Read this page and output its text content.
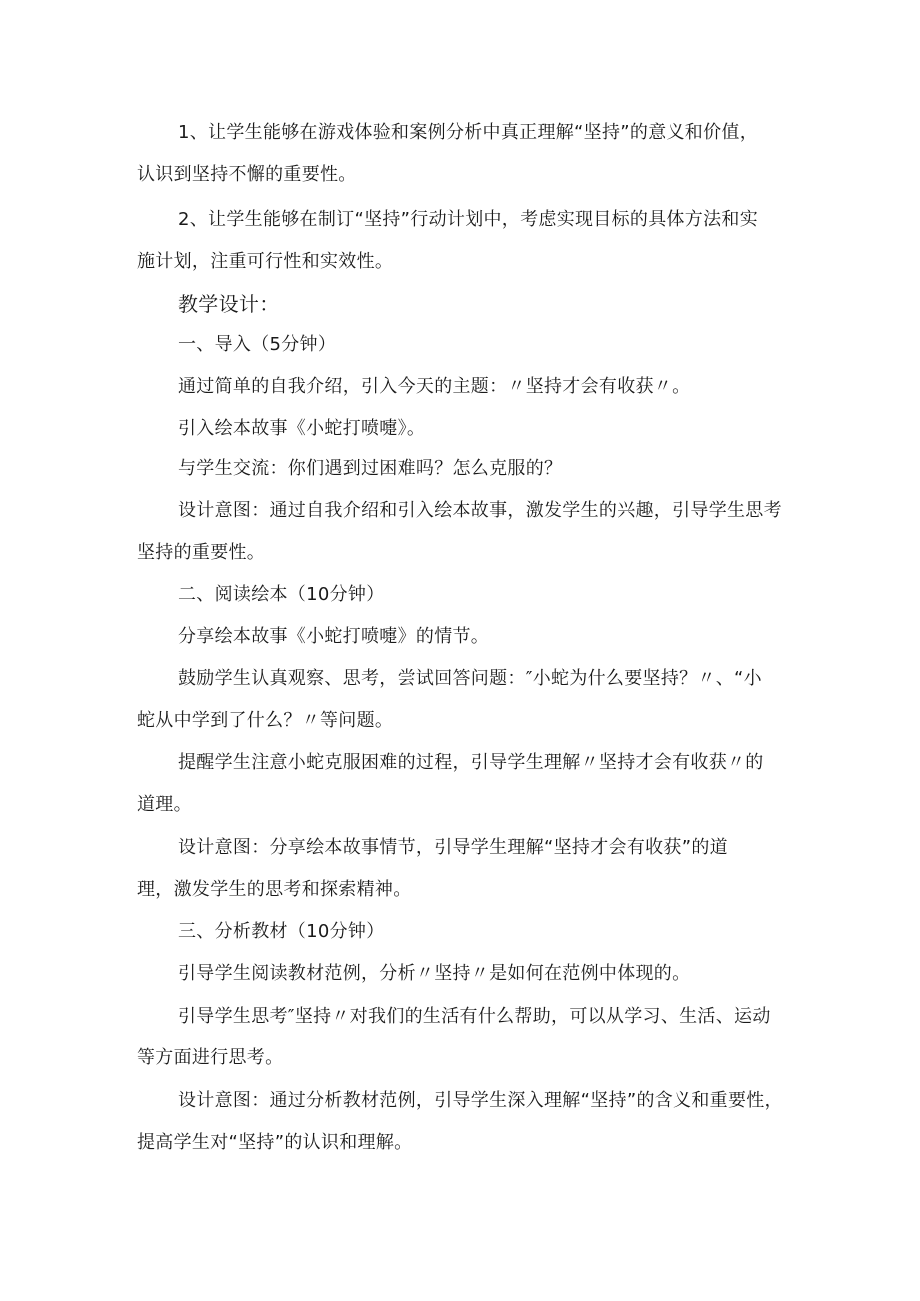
1、让学生能够在游戏体验和案例分析中真正理解“坚持”的意义和价值，
认识到坚持不懈的重要性。
2、让学生能够在制订“坚持”行动计划中，考虑实现目标的具体方法和实
施计划，注重可行性和实效性。
教学设计：
一、导入（5分钟）
通过简单的自我介绍，引入今天的主题：〃坚持才会有收获〃。
引入绘本故事《小蛇打喷嚏》。
与学生交流：你们遇到过困难吗？怎么克服的？
设计意图：通过自我介绍和引入绘本故事，激发学生的兴趣，引导学生思考
坚持的重要性。
二、阅读绘本（10分钟）
分享绘本故事《小蛇打喷嚏》的情节。
鼓励学生认真观察、思考，尝试回答问题：″小蛇为什么要坚持？〃、“小
蛇从中学到了什么？〃等问题。
提醒学生注意小蛇克服困难的过程，引导学生理解〃坚持才会有收获〃的
道理。
设计意图：分享绘本故事情节，引导学生理解“坚持才会有收获”的道
理，激发学生的思考和探索精神。
三、分析教材（10分钟）
引导学生阅读教材范例，分析〃坚持〃是如何在范例中体现的。
引导学生思考″坚持〃对我们的生活有什么帮助，可以从学习、生活、运动
等方面进行思考。
设计意图：通过分析教材范例，引导学生深入理解“坚持”的含义和重要性，
提高学生对“坚持”的认识和理解。
